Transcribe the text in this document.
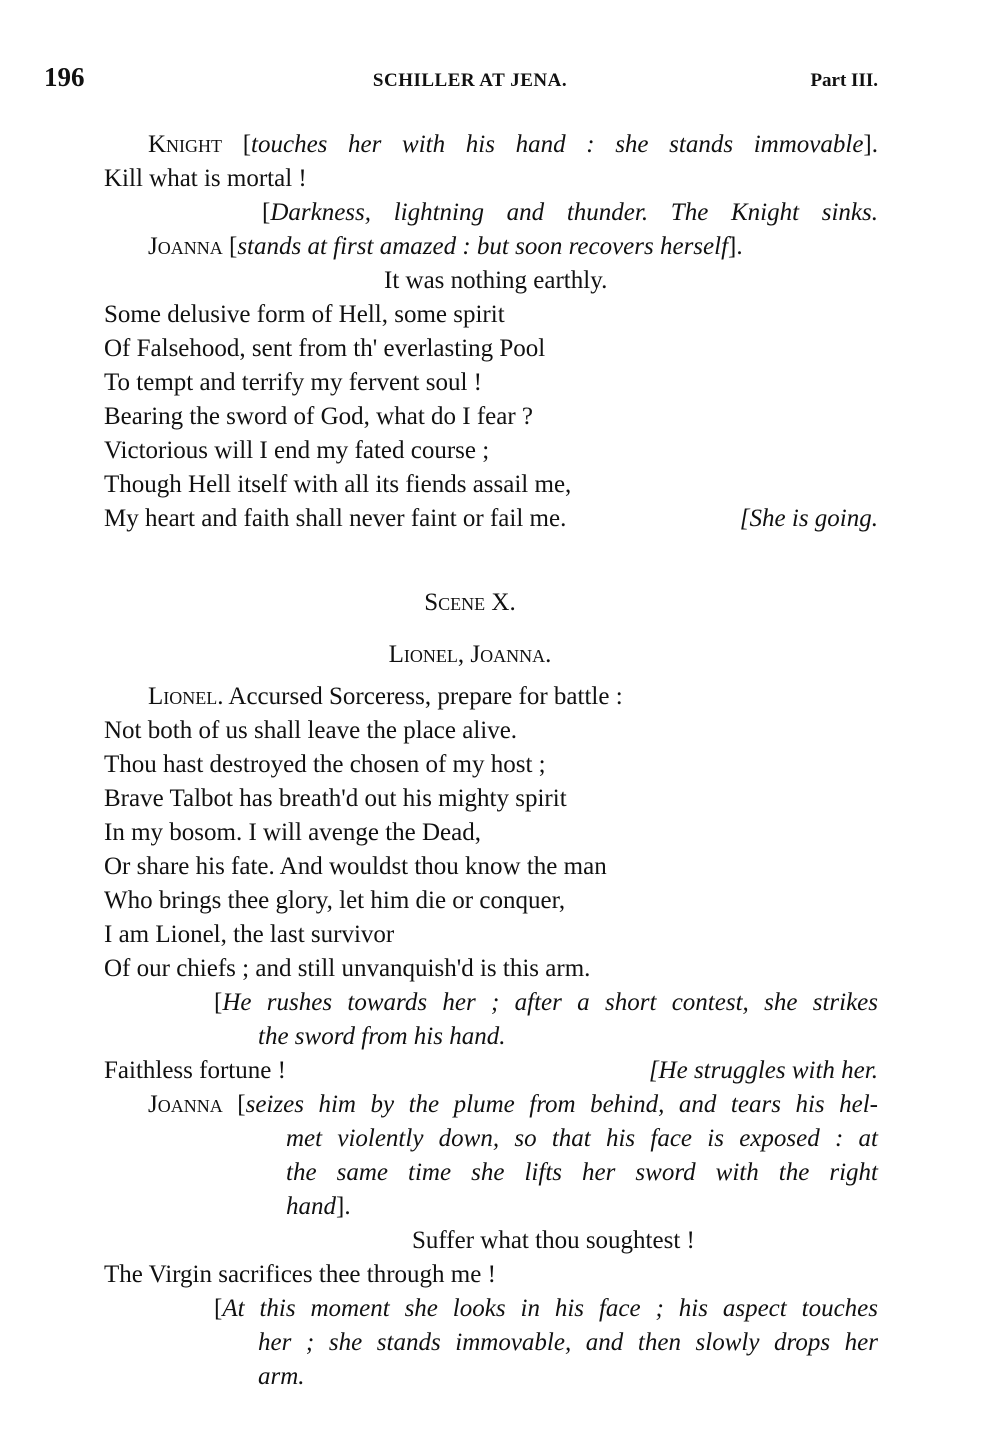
196	SCHILLER AT JENA.	Part III.
Knight [touches her with his hand : she stands immovable].
Kill what is mortal !
[Darkness, lightning and thunder. The Knight sinks.
Joanna [stands at first amazed : but soon recovers herself].
It was nothing earthly.
Some delusive form of Hell, some spirit
Of Falsehood, sent from th' everlasting Pool
To tempt and terrify my fervent soul !
Bearing the sword of God, what do I fear ?
Victorious will I end my fated course ;
Though Hell itself with all its fiends assail me,
My heart and faith shall never faint or fail me.	[She is going.
Scene X.
Lionel, Joanna.
Lionel. Accursed Sorceress, prepare for battle :
Not both of us shall leave the place alive.
Thou hast destroyed the chosen of my host ;
Brave Talbot has breath'd out his mighty spirit
In my bosom. I will avenge the Dead,
Or share his fate. And wouldst thou know the man
Who brings thee glory, let him die or conquer,
I am Lionel, the last survivor
Of our chiefs ; and still unvanquish'd is this arm.
[He rushes towards her ; after a short contest, she strikes
the sword from his hand.
Faithless fortune !	[He struggles with her.
Joanna [seizes him by the plume from behind, and tears his hel-
met violently down, so that his face is exposed : at
the same time she lifts her sword with the right
hand].
Suffer what thou soughtest !
The Virgin sacrifices thee through me !
[At this moment she looks in his face ; his aspect touches
her ; she stands immovable, and then slowly drops her
arm.
